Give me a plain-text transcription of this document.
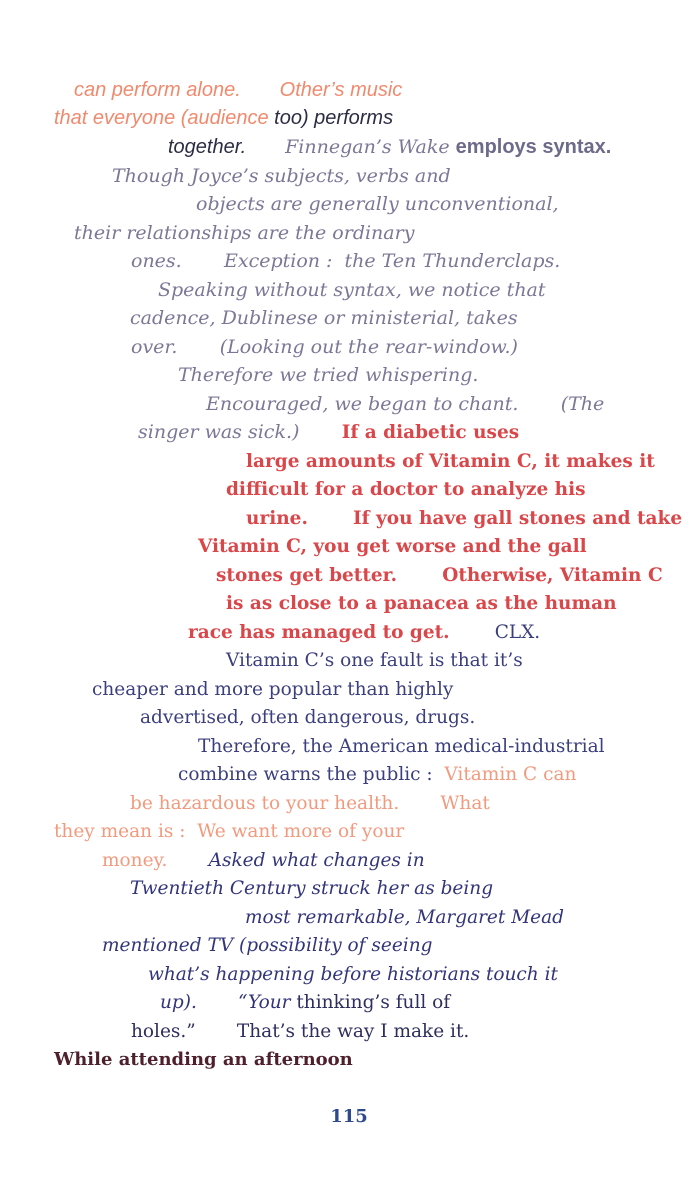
can perform alone. Other’s music
that everyone (audience too) performs
together. Finnegan’s Wake employs syntax.
Though Joyce’s subjects, verbs and
objects are generally unconventional,
their relationships are the ordinary
ones.       Exception :  the Ten Thunderclaps.
Speaking without syntax, we notice that
cadence, Dublinese or ministerial, takes
over.       (Looking out the rear-window.)
Therefore we tried whispering.
Encouraged, we began to chant.       (The
singer was sick.)       If a diabetic uses
large amounts of Vitamin C, it makes it
difficult for a doctor to analyze his
urine.       If you have gall stones and take
Vitamin C, you get worse and the gall
stones get better.       Otherwise, Vitamin C
is as close to a panacea as the human
race has managed to get.       CLX.
Vitamin C’s one fault is that it’s
cheaper and more popular than highly
advertised, often dangerous, drugs.
Therefore, the American medical-industrial
combine warns the public :  Vitamin C can
be hazardous to your health.       What
they mean is :  We want more of your
money.       Asked what changes in
Twentieth Century struck her as being
most remarkable, Margaret Mead
mentioned TV (possibility of seeing
what’s happening before historians touch it
up).       “Your thinking’s full of
holes.”       That’s the way I make it.
While attending an afternoon
115
